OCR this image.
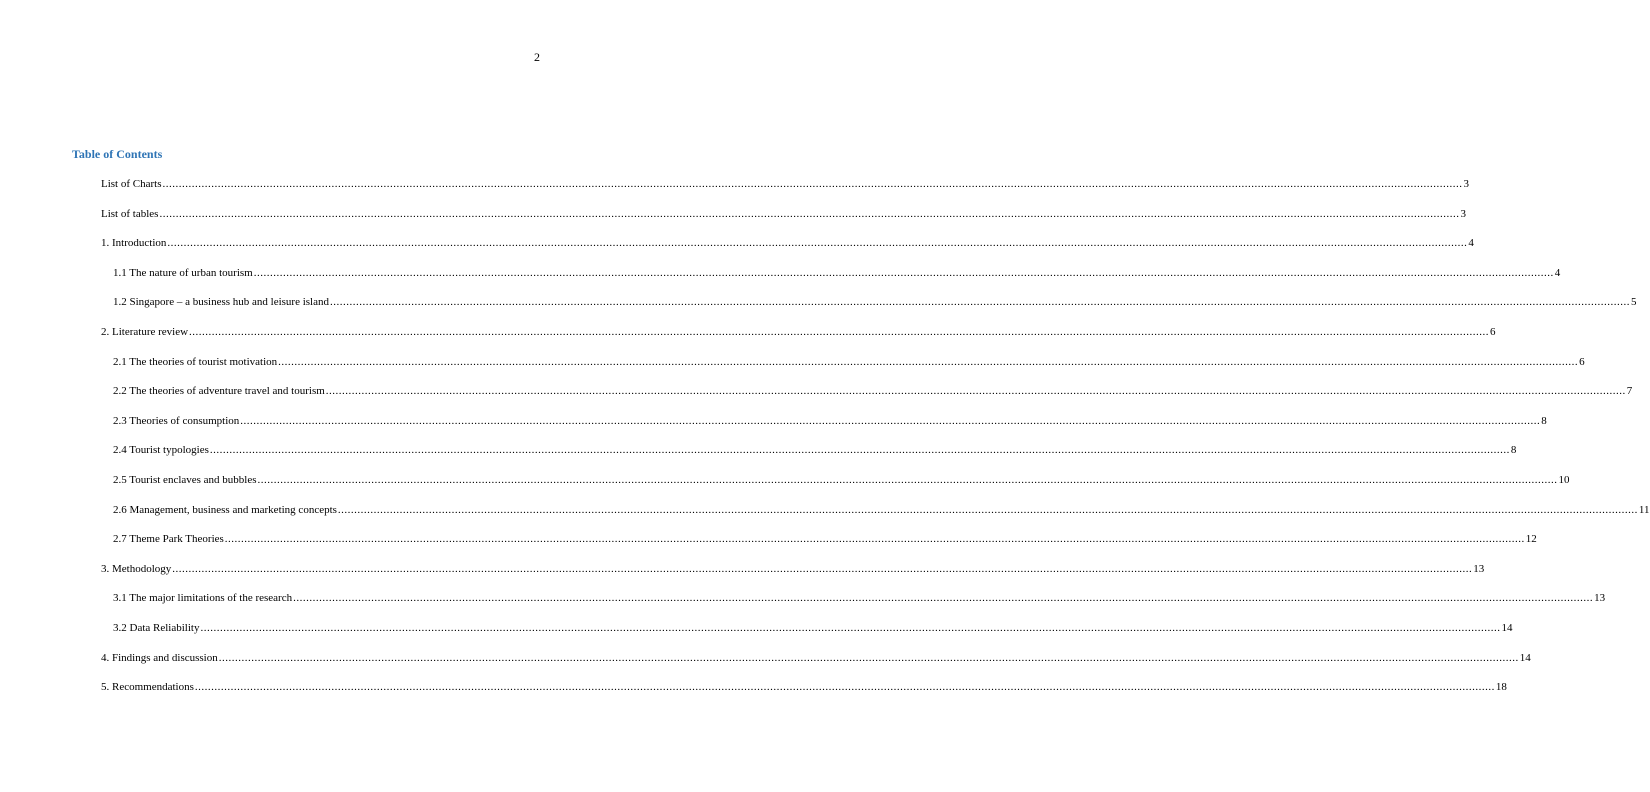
2
Table of Contents
List of Charts ................................................................................................................................................................................................................................................................................................................................................................................................................ 3
List of tables ................................................................................................................................................................................................................................................................................................................................................................................................................ 3
1. Introduction ................................................................................................................................................................................................................................................................................................................................................................................................................ 4
1.1 The nature of urban tourism ................................................................................................................................................................................................................................................................................................................................................................................................................ 4
1.2 Singapore – a business hub and leisure island ................................................................................................................................................................................................................................................................................................................................................................................................................ 5
2. Literature review ................................................................................................................................................................................................................................................................................................................................................................................................................ 6
2.1 The theories of tourist motivation ................................................................................................................................................................................................................................................................................................................................................................................................................ 6
2.2 The theories of adventure travel and tourism ................................................................................................................................................................................................................................................................................................................................................................................................................ 7
2.3 Theories of consumption ................................................................................................................................................................................................................................................................................................................................................................................................................ 8
2.4 Tourist typologies ................................................................................................................................................................................................................................................................................................................................................................................................................ 8
2.5 Tourist enclaves and bubbles ................................................................................................................................................................................................................................................................................................................................................................................................................ 10
2.6 Management, business and marketing concepts ................................................................................................................................................................................................................................................................................................................................................................................................................ 11
2.7 Theme Park Theories ................................................................................................................................................................................................................................................................................................................................................................................................................ 12
3. Methodology ................................................................................................................................................................................................................................................................................................................................................................................................................ 13
3.1 The major limitations of the research ................................................................................................................................................................................................................................................................................................................................................................................................................ 13
3.2 Data Reliability ................................................................................................................................................................................................................................................................................................................................................................................................................ 14
4. Findings and discussion ................................................................................................................................................................................................................................................................................................................................................................................................................ 14
5. Recommendations ................................................................................................................................................................................................................................................................................................................................................................................................................ 18
